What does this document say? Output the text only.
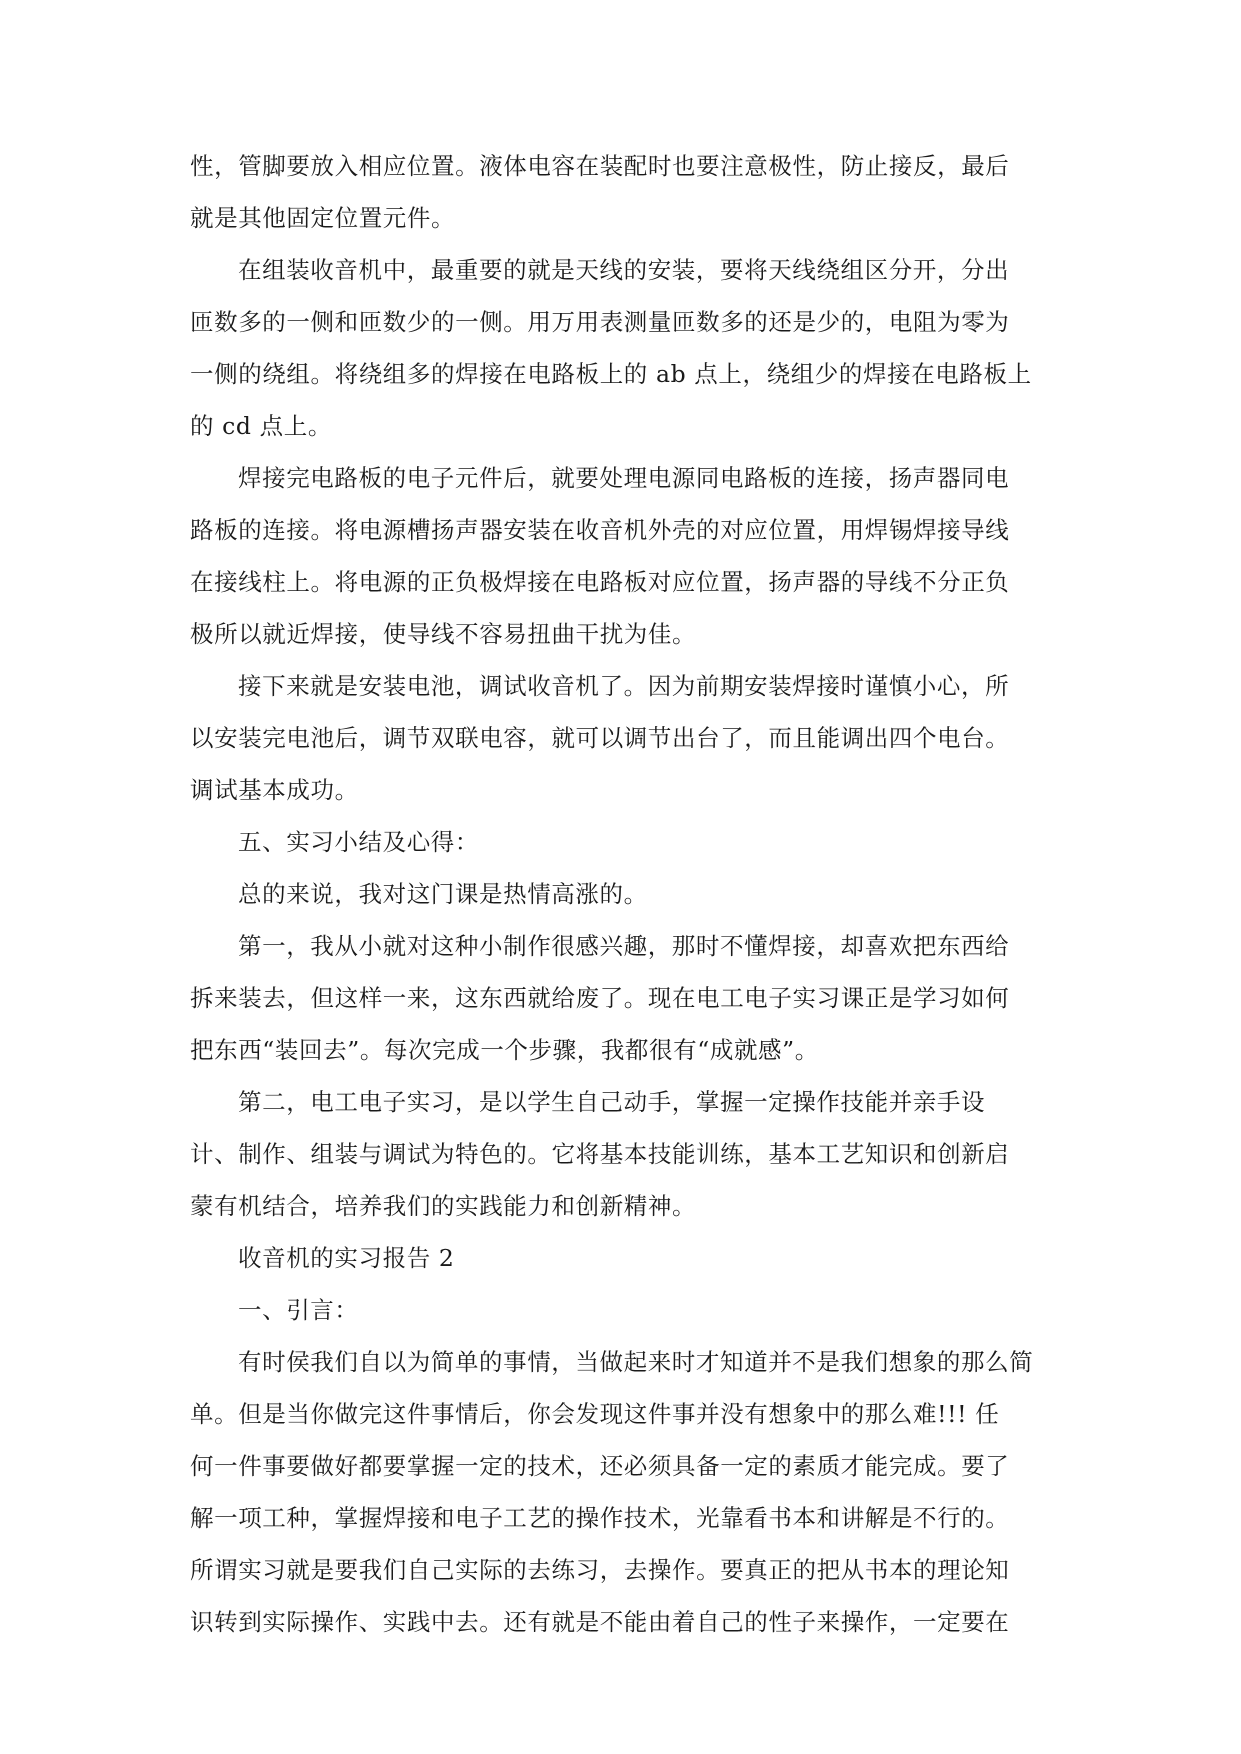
性，管脚要放入相应位置。液体电容在装配时也要注意极性，防止接反，最后
就是其他固定位置元件。
在组装收音机中，最重要的就是天线的安装，要将天线绕组区分开，分出
匝数多的一侧和匝数少的一侧。用万用表测量匝数多的还是少的，电阻为零为
一侧的绕组。将绕组多的焊接在电路板上的 ab 点上，绕组少的焊接在电路板上
的 cd 点上。
焊接完电路板的电子元件后，就要处理电源同电路板的连接，扬声器同电
路板的连接。将电源槽扬声器安装在收音机外壳的对应位置，用焊锡焊接导线
在接线柱上。将电源的正负极焊接在电路板对应位置，扬声器的导线不分正负
极所以就近焊接，使导线不容易扭曲干扰为佳。
接下来就是安装电池，调试收音机了。因为前期安装焊接时谨慎小心，所
以安装完电池后，调节双联电容，就可以调节出台了，而且能调出四个电台。
调试基本成功。
五、实习小结及心得：
总的来说，我对这门课是热情高涨的。
第一，我从小就对这种小制作很感兴趣，那时不懂焊接，却喜欢把东西给
拆来装去，但这样一来，这东西就给废了。现在电工电子实习课正是学习如何
把东西“装回去”。每次完成一个步骤，我都很有“成就感”。
第二，电工电子实习，是以学生自己动手，掌握一定操作技能并亲手设
计、制作、组装与调试为特色的。它将基本技能训练，基本工艺知识和创新启
蒙有机结合，培养我们的实践能力和创新精神。
收音机的实习报告 2
一、引言：
有时侯我们自以为简单的事情，当做起来时才知道并不是我们想象的那么简
单。但是当你做完这件事情后，你会发现这件事并没有想象中的那么难!!! 任
何一件事要做好都要掌握一定的技术，还必须具备一定的素质才能完成。要了
解一项工种，掌握焊接和电子工艺的操作技术，光靠看书本和讲解是不行的。
所谓实习就是要我们自己实际的去练习，去操作。要真正的把从书本的理论知
识转到实际操作、实践中去。还有就是不能由着自己的性子来操作，一定要在
